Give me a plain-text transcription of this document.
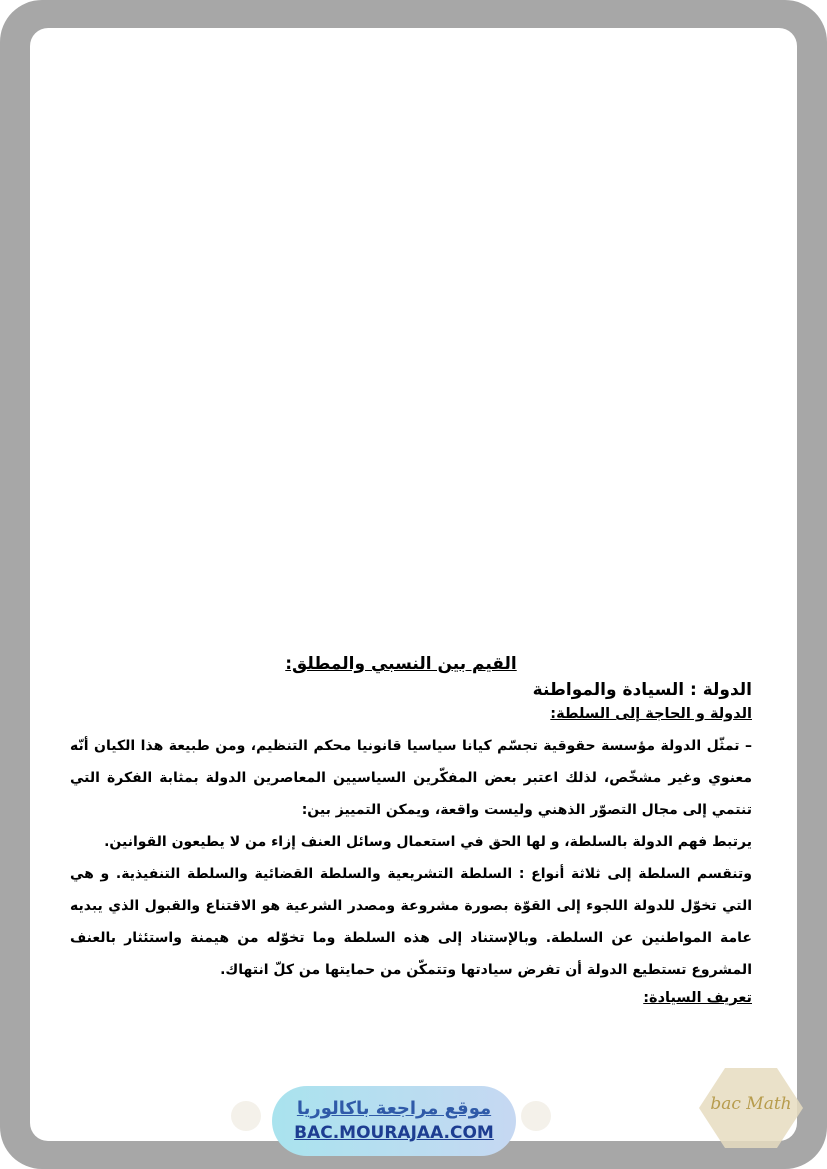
القيم بين النسبي والمطلق:

الدولة : السيادة والمواطنة

الدولة و الحاجة إلى السلطة:

– تمثّل الدولة مؤسسة حقوقية تجسّم كيانا سياسيا قانونيا محكم التنظيم، ومن طبيعة هذا الكيان أنّه معنوي وغير مشخّص، لذلك اعتبر بعض المفكّرين السياسيين المعاصرين الدولة بمثابة الفكرة التي تنتمي إلى مجال التصوّر الذهني وليست واقعة، ويمكن التمييز بين:

يرتبط فهم الدولة بالسلطة، و لها الحق في استعمال وسائل العنف إزاء من لا يطيعون القوانين.

وتنقسم السلطة إلى ثلاثة أنواع : السلطة التشريعية والسلطة القضائية والسلطة التنفيذية. و هي التي تخوّل للدولة اللجوء إلى القوّة بصورة مشروعة ومصدر الشرعية هو الاقتناع والقبول الذي يبديه عامة المواطنين عن السلطة. وبالإستناد إلى هذه السلطة وما تخوّله من هيمنة واستئثار بالعنف المشروع تستطيع الدولة أن تفرض سيادتها وتتمكّن من حمايتها من كلّ انتهاك.

تعريف السيادة:

موقع مراجعة باكالوريا
BAC.MOURAJAA.COM
bac Math
